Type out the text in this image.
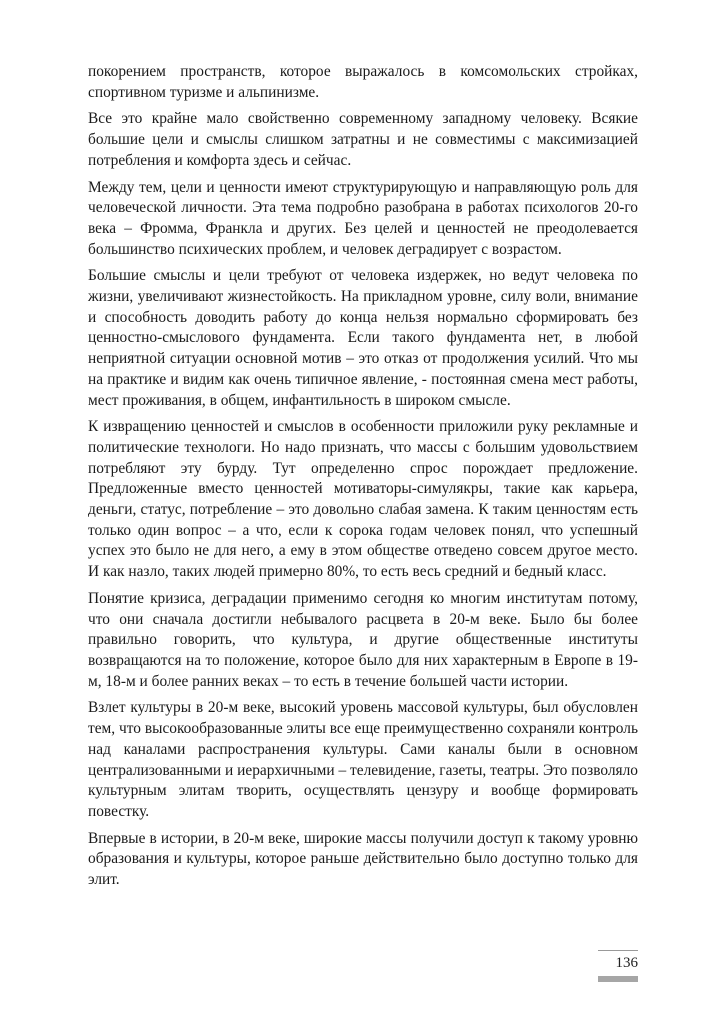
покорением пространств, которое выражалось в комсомольских стройках, спортивном туризме и альпинизме.

Все это крайне мало свойственно современному западному человеку. Всякие большие цели и смыслы слишком затратны и не совместимы с максимизацией потребления и комфорта здесь и сейчас.

Между тем, цели и ценности имеют структурирующую и направляющую роль для человеческой личности. Эта тема подробно разобрана в работах психологов 20-го века – Фромма, Франкла и других. Без целей и ценностей не преодолевается большинство психических проблем, и человек деградирует с возрастом.

Большие смыслы и цели требуют от человека издержек, но ведут человека по жизни, увеличивают жизнестойкость. На прикладном уровне, силу воли, внимание и способность доводить работу до конца нельзя нормально сформировать без ценностно-смыслового фундамента. Если такого фундамента нет, в любой неприятной ситуации основной мотив – это отказ от продолжения усилий. Что мы на практике и видим как очень типичное явление, - постоянная смена мест работы, мест проживания, в общем, инфантильность в широком смысле.

К извращению ценностей и смыслов в особенности приложили руку рекламные и политические технологи. Но надо признать, что массы с большим удовольствием потребляют эту бурду. Тут определенно спрос порождает предложение. Предложенные вместо ценностей мотиваторы-симулякры, такие как карьера, деньги, статус, потребление – это довольно слабая замена. К таким ценностям есть только один вопрос – а что, если к сорока годам человек понял, что успешный успех это было не для него, а ему в этом обществе отведено совсем другое место. И как назло, таких людей примерно 80%, то есть весь средний и бедный класс.

Понятие кризиса, деградации применимо сегодня ко многим институтам потому, что они сначала достигли небывалого расцвета в 20-м веке. Было бы более правильно говорить, что культура, и другие общественные институты возвращаются на то положение, которое было для них характерным в Европе в 19-м, 18-м и более ранних веках – то есть в течение большей части истории.

Взлет культуры в 20-м веке, высокий уровень массовой культуры, был обусловлен тем, что высокообразованные элиты все еще преимущественно сохраняли контроль над каналами распространения культуры. Сами каналы были в основном централизованными и иерархичными – телевидение, газеты, театры. Это позволяло культурным элитам творить, осуществлять цензуру и вообще формировать повестку.

Впервые в истории, в 20-м веке, широкие массы получили доступ к такому уровню образования и культуры, которое раньше действительно было доступно только для элит.

136
